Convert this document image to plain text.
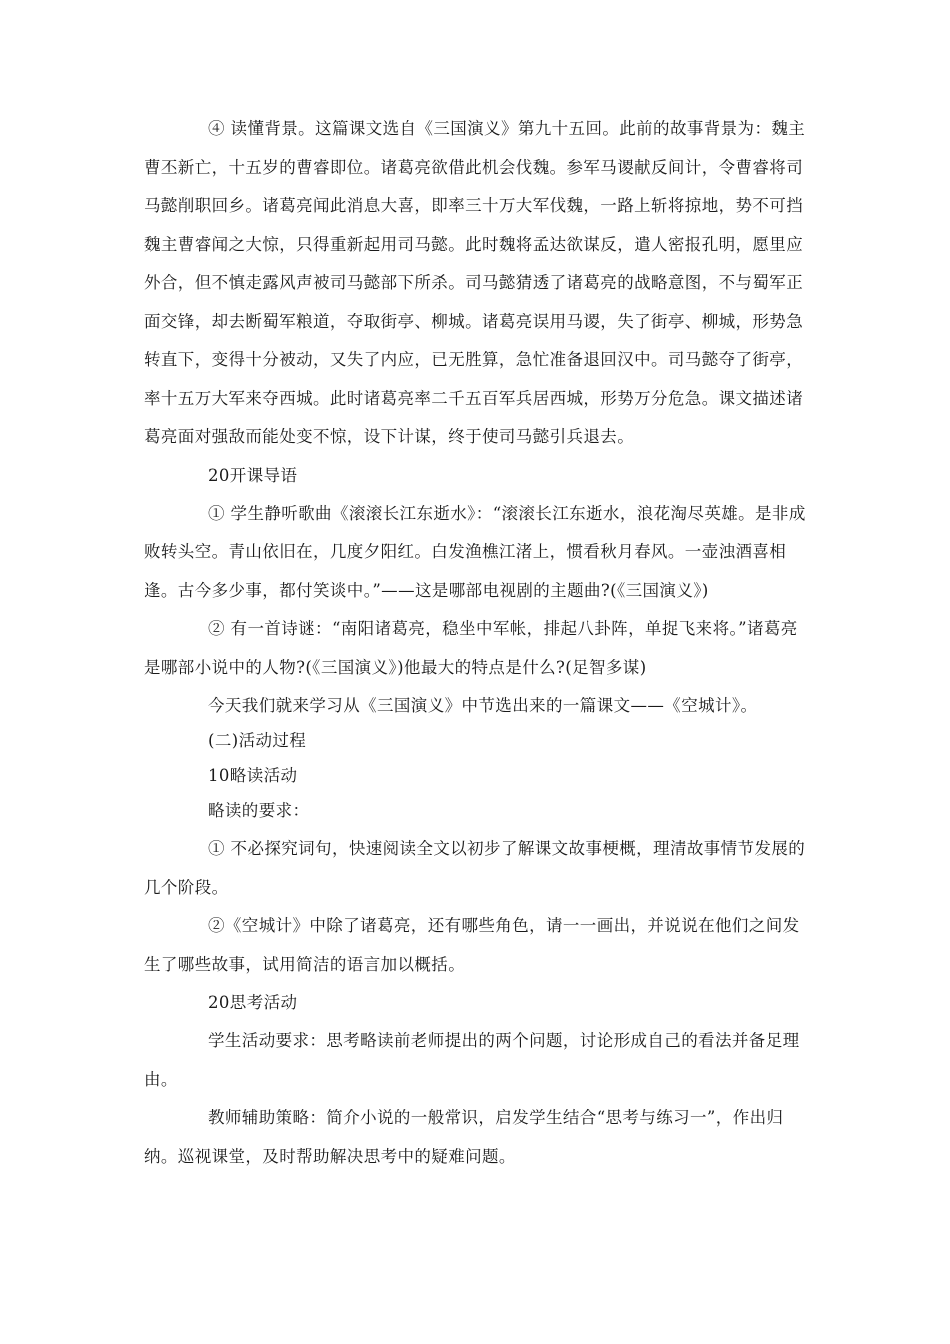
④ 读懂背景。这篇课文选自《三国演义》第九十五回。此前的故事背景为：魏主曹丕新亡，十五岁的曹睿即位。诸葛亮欲借此机会伐魏。参军马谡献反间计，令曹睿将司马懿削职回乡。诸葛亮闻此消息大喜，即率三十万大军伐魏，一路上斩将掠地，势不可挡魏主曹睿闻之大惊，只得重新起用司马懿。此时魏将孟达欲谋反，遣人密报孔明，愿里应外合，但不慎走露风声被司马懿部下所杀。司马懿猜透了诸葛亮的战略意图，不与蜀军正面交锋，却去断蜀军粮道，夺取街亭、柳城。诸葛亮误用马谡，失了街亭、柳城，形势急转直下，变得十分被动，又失了内应，已无胜算，急忙准备退回汉中。司马懿夺了街亭，率十五万大军来夺西城。此时诸葛亮率二千五百军兵居西城，形势万分危急。课文描述诸葛亮面对强敌而能处变不惊，设下计谋，终于使司马懿引兵退去。

20开课导语

① 学生静听歌曲《滚滚长江东逝水》：“滚滚长江东逝水，浪花淘尽英雄。是非成败转头空。青山依旧在，几度夕阳红。白发渔樵江渚上，惯看秋月春风。一壶浊酒喜相逢。古今多少事，都付笑谈中。”——这是哪部电视剧的主题曲?(《三国演义》)

② 有一首诗谜：“南阳诸葛亮，稳坐中军帐，排起八卦阵，单捉飞来将。”诸葛亮是哪部小说中的人物?(《三国演义》)他最大的特点是什么?(足智多谋)

今天我们就来学习从《三国演义》中节选出来的一篇课文——《空城计》。

(二)活动过程

10略读活动

略读的要求：

① 不必探究词句，快速阅读全文以初步了解课文故事梗概，理清故事情节发展的几个阶段。

②《空城计》中除了诸葛亮，还有哪些角色，请一一画出，并说说在他们之间发生了哪些故事，试用简洁的语言加以概括。

20思考活动

学生活动要求：思考略读前老师提出的两个问题，讨论形成自己的看法并备足理由。

教师辅助策略：简介小说的一般常识，启发学生结合“思考与练习一”，作出归纳。巡视课堂，及时帮助解决思考中的疑难问题。
